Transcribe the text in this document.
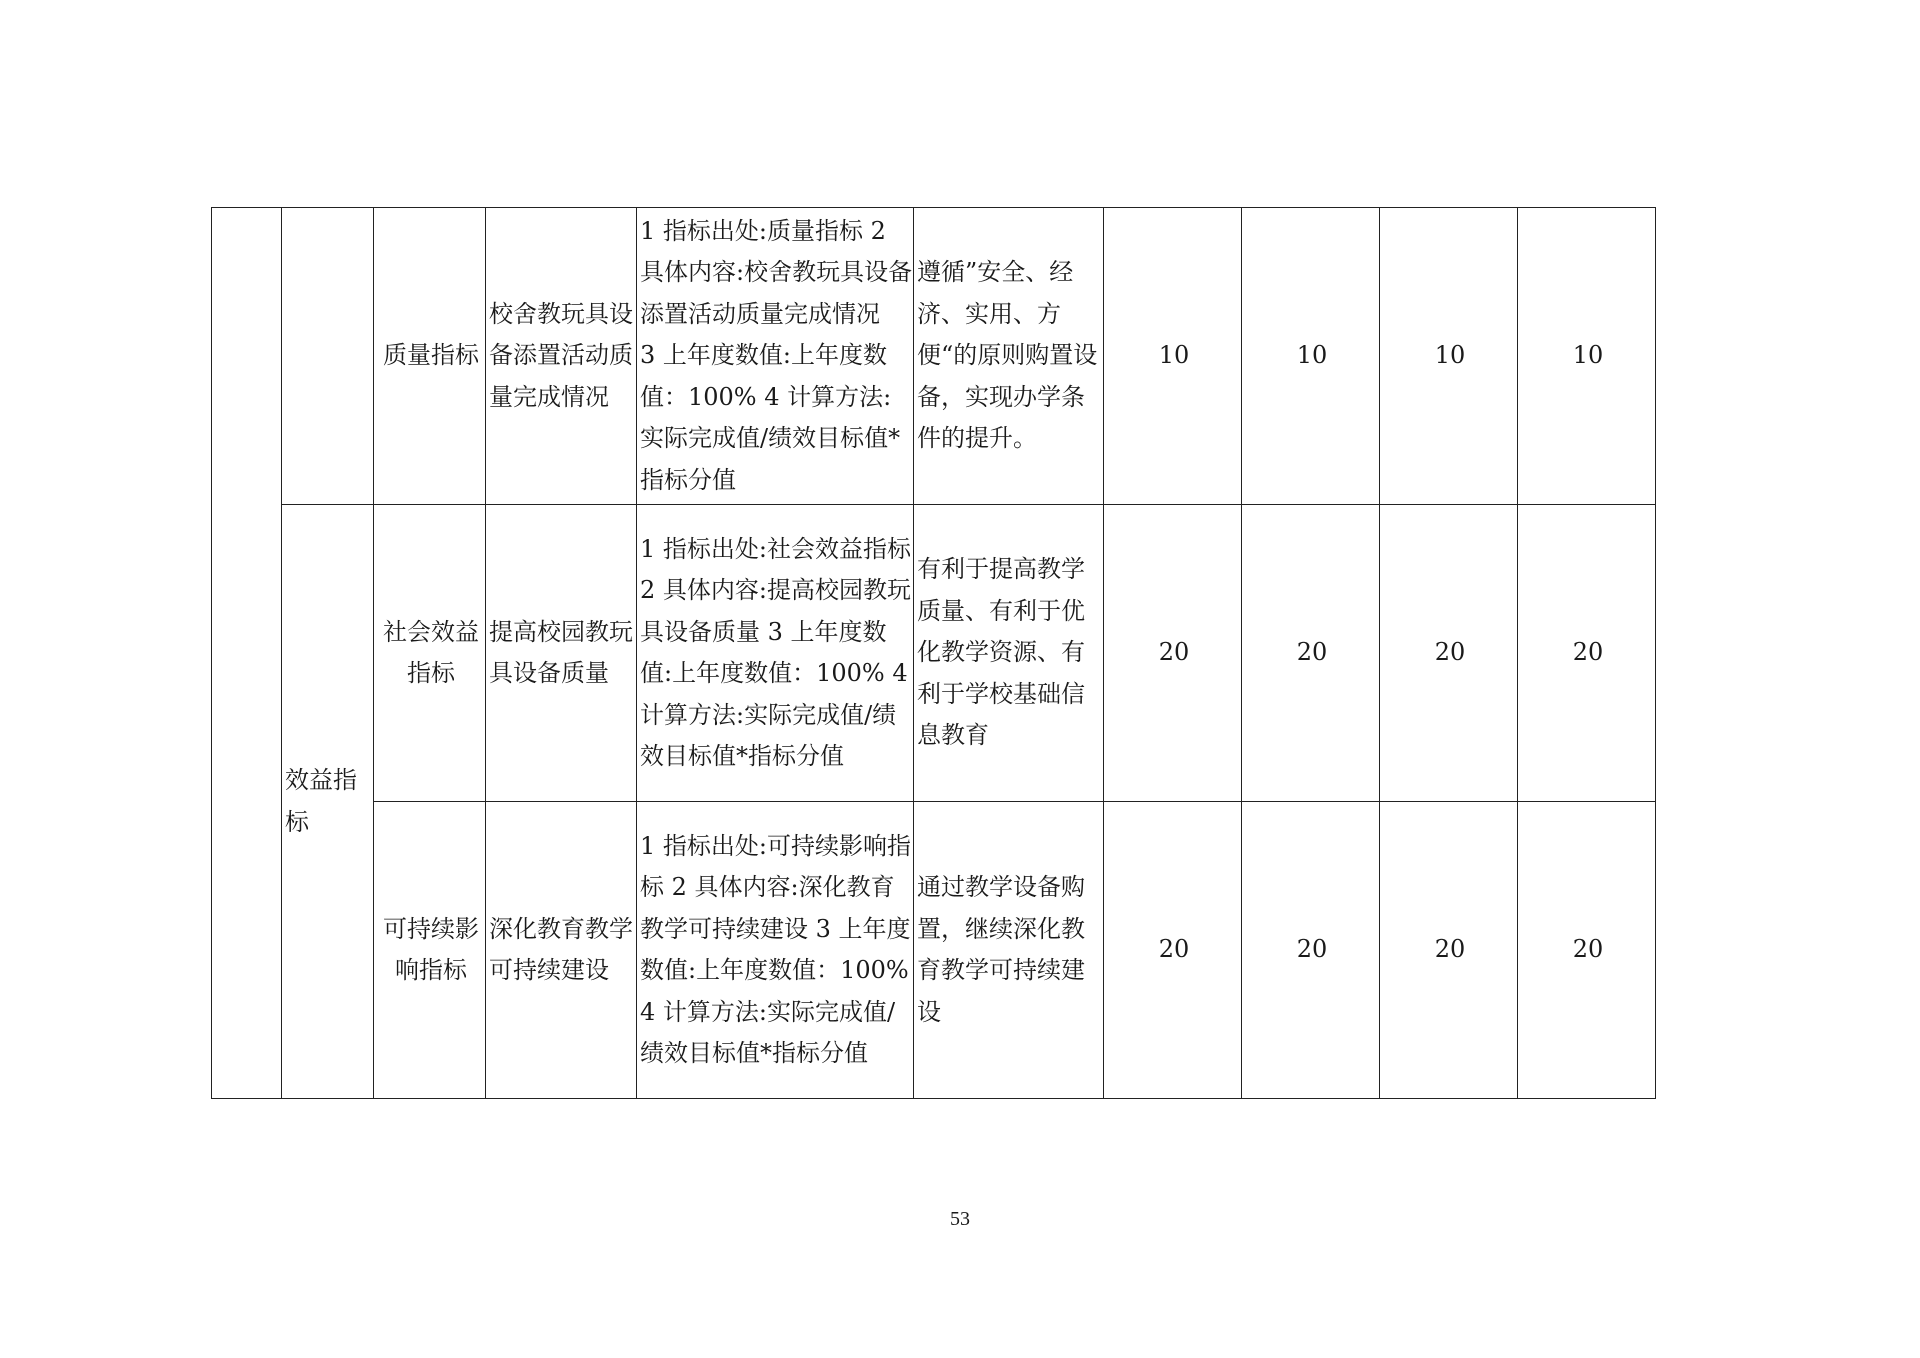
		质量指标	校舍教玩具设备添置活动质量完成情况	1 指标出处:质量指标 2 具体内容:校舍教玩具设备添置活动质量完成情况　3 上年度数值:上年度数值：100% 4 计算方法:实际完成值/绩效目标值*指标分值	遵循”安全、经济、实用、方便“的原则购置设备，实现办学条件的提升。	10	10	10	10
	效益指标	社会效益指标	提高校园教玩具设备质量	1 指标出处:社会效益指标 2 具体内容:提高校园教玩具设备质量 3 上年度数值:上年度数值：100% 4 计算方法:实际完成值/绩效目标值*指标分值	有利于提高教学质量、有利于优化教学资源、有利于学校基础信息教育	20	20	20	20
		可持续影响指标	深化教育教学可持续建设	1 指标出处:可持续影响指标 2 具体内容:深化教育教学可持续建设 3 上年度数值:上年度数值：100% 4 计算方法:实际完成值/绩效目标值*指标分值	通过教学设备购置，继续深化教育教学可持续建设	20	20	20	20
53
